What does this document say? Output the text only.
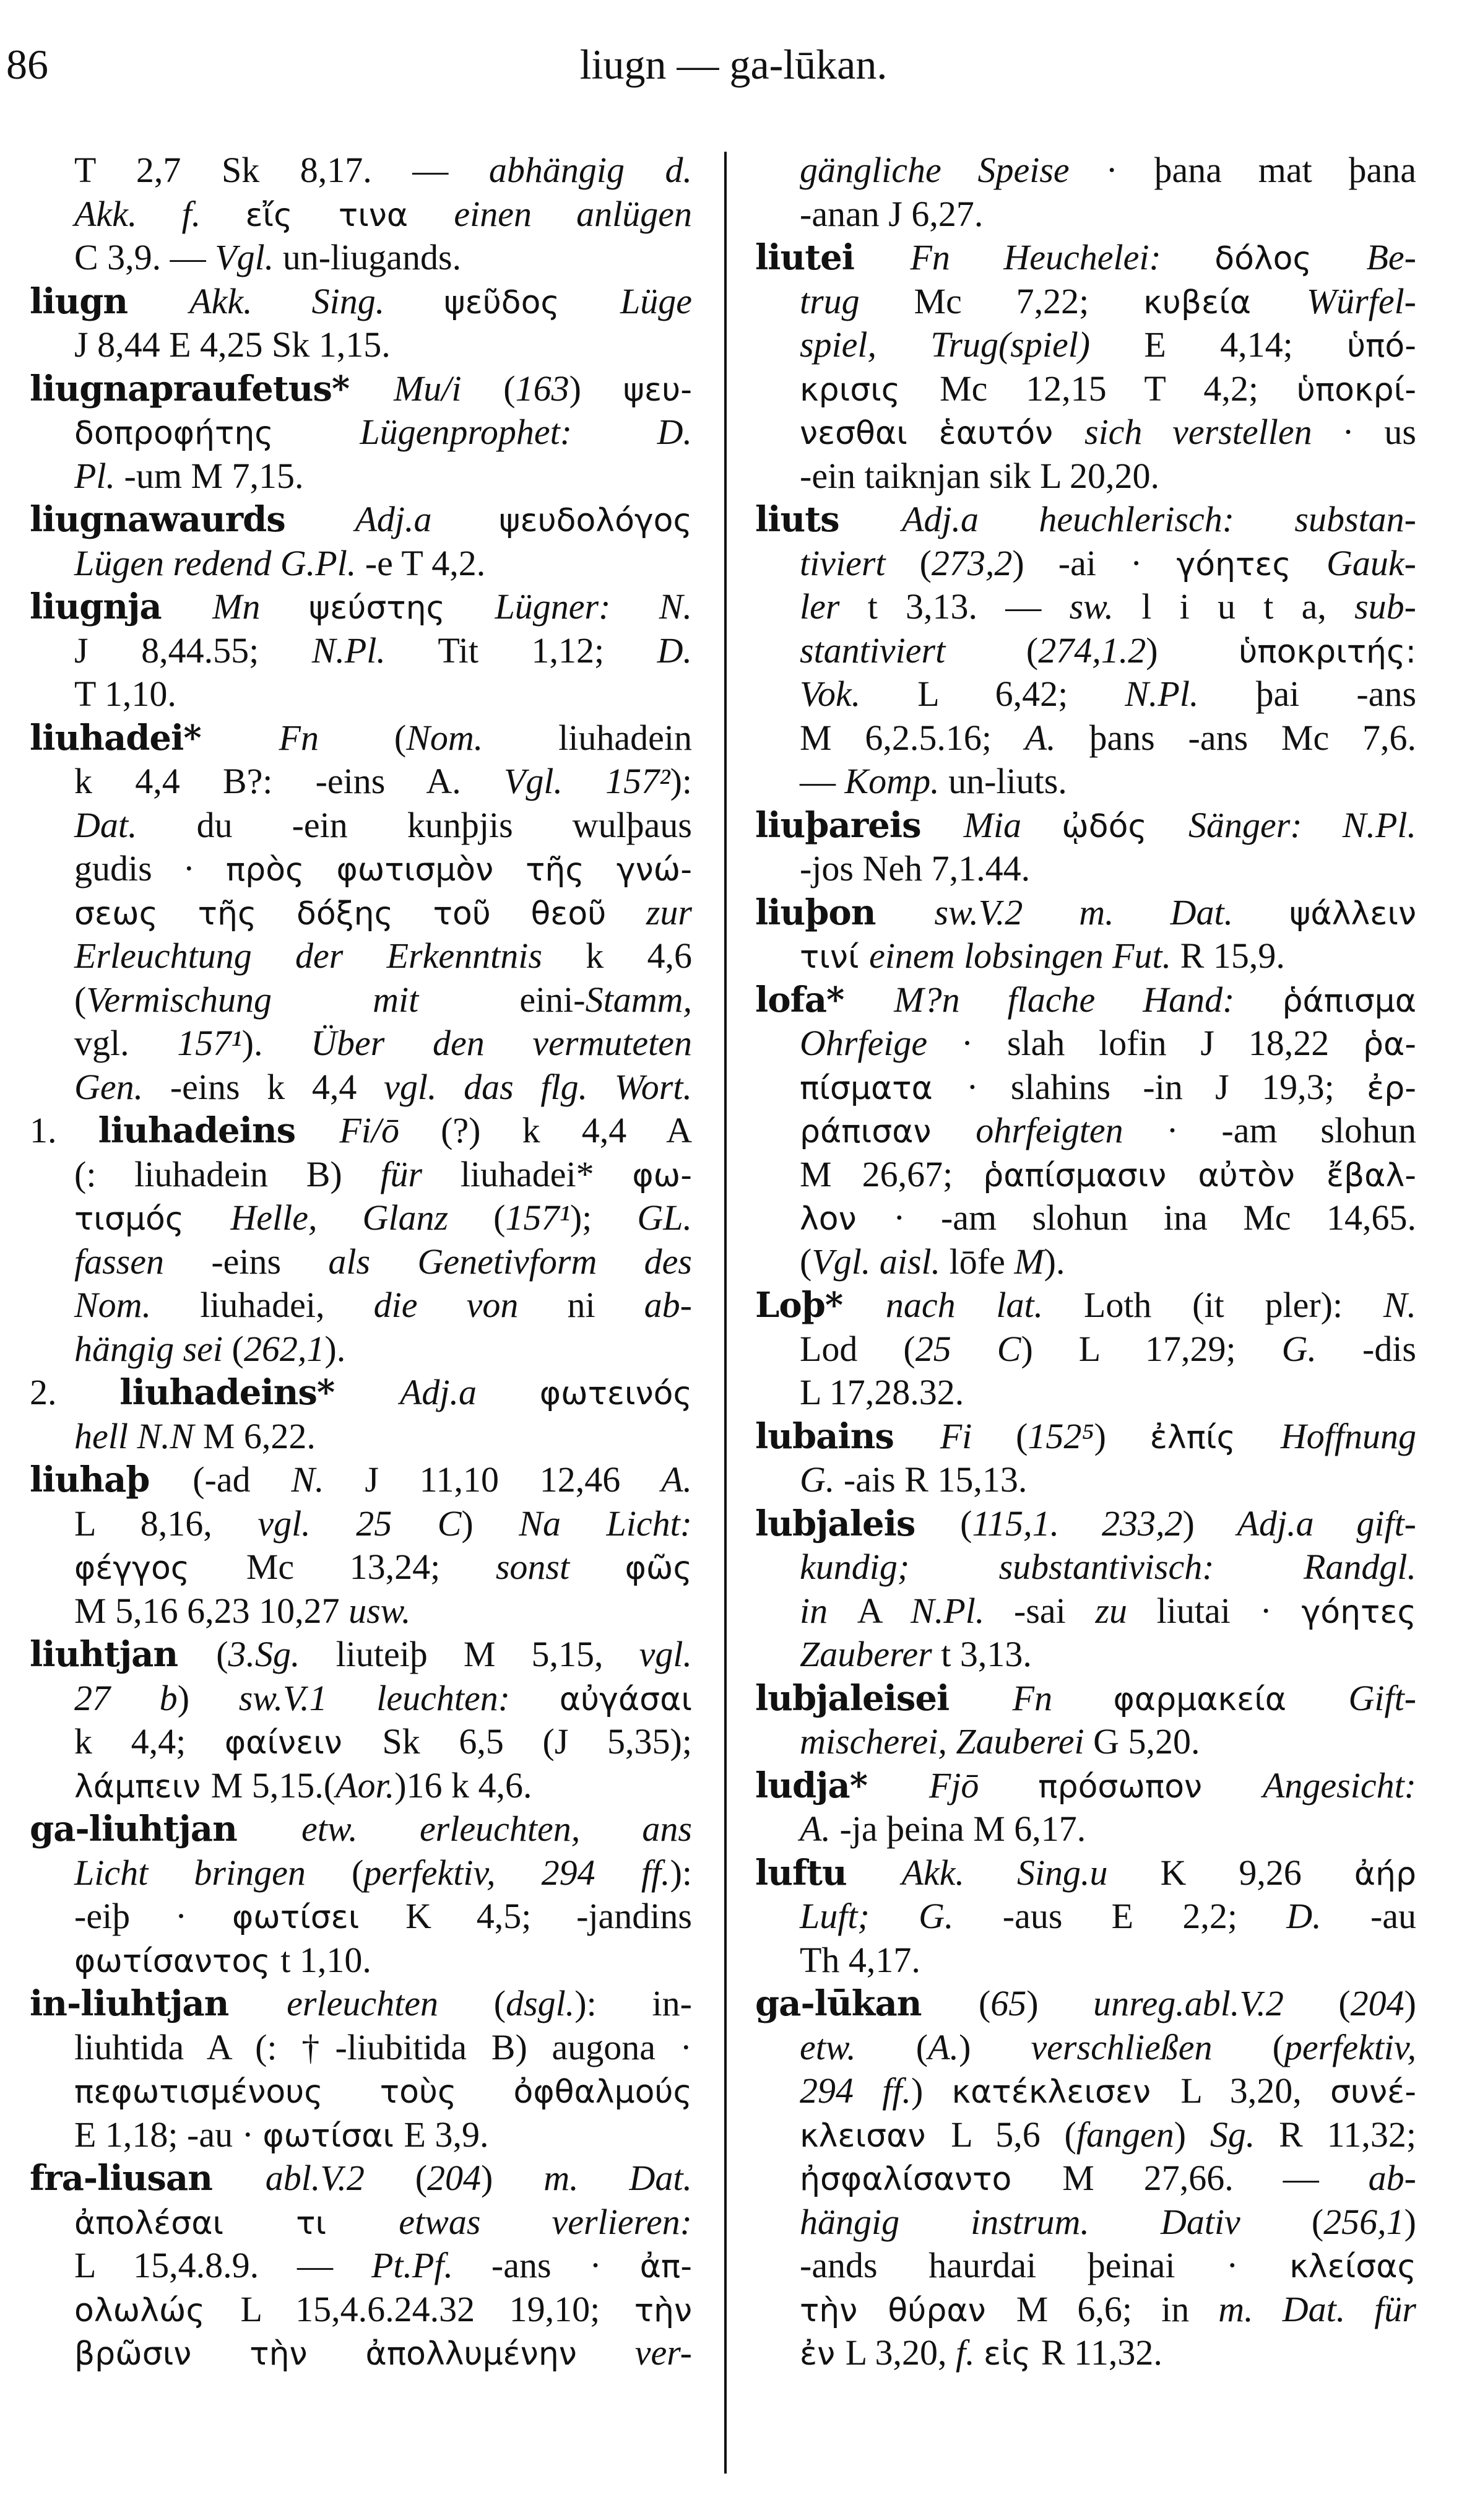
86	liugn — ga-lūkan.
T 2,7 Sk 8,17. — abhängig d.
Akk. f. εἴς τινα einen anlügen
C 3,9. — Vgl. un-liugands.
liugn Akk. Sing. ψεῦδος Lüge
J 8,44 E 4,25 Sk 1,15.
liugnapraufetus* Mu/i (163) ψευ-
δοπροφήτης Lügenprophet: D.
Pl. -um M 7,15.
liugnawaurds Adj.a ψευδολόγος
Lügen redend G.Pl. -e T 4,2.
liugnja Mn ψεύστης Lügner: N.
J 8,44.55; N.Pl. Tit 1,12; D.
T 1,10.
liuhadei* Fn (Nom. liuhadein
k 4,4 B?: -eins A. Vgl. 157²):
Dat. du -ein kunþjis wulþaus
gudis · πρὸς φωτισμὸν τῆς γνώ-
σεως τῆς δόξης τοῦ θεοῦ zur
Erleuchtung der Erkenntnis k 4,6
(Vermischung mit eini-Stamm,
vgl. 157¹). Über den vermuteten
Gen. -eins k 4,4 vgl. das flg. Wort.
1. liuhadeins Fi/ō (?) k 4,4 A
(: liuhadein B) für liuhadei* φω-
τισμός Helle, Glanz (157¹); GL.
fassen -eins als Genetivform des
Nom. liuhadei, die von ni ab-
hängig sei (262,1).
2. liuhadeins* Adj.a φωτεινός
hell N.N M 6,22.
liuhaþ (-ad N. J 11,10 12,46 A.
L 8,16, vgl. 25 C) Na Licht:
φέγγος Mc 13,24; sonst φῶς
M 5,16 6,23 10,27 usw.
liuhtjan (3.Sg. liuteiþ M 5,15, vgl.
27 b) sw.V.1 leuchten: αὐγάσαι
k 4,4; φαίνειν Sk 6,5 (J 5,35);
λάμπειν M 5,15.(Aor.)16 k 4,6.
ga-liuhtjan etw. erleuchten, ans
Licht bringen (perfektiv, 294 ff.):
-eiþ · φωτίσει K 4,5; -jandins
φωτίσαντος t 1,10.
in-liuhtjan erleuchten (dsgl.): in-
liuhtida A (: †-liubitida B) augona ·
πεφωτισμένους τοὺς ὀφθαλμούς
E 1,18; -au · φωτίσαι E 3,9.
fra-liusan abl.V.2 (204) m. Dat.
ἀπολέσαι τι etwas verlieren:
L 15,4.8.9. — Pt.Pf. -ans · ἀπ-
ολωλώς L 15,4.6.24.32 19,10; τὴν
βρῶσιν τὴν ἀπολλυμένην ver-
gängliche Speise · þana mat þana
-anan J 6,27.
liutei Fn Heuchelei: δόλος Be-
trug Mc 7,22; κυβεία Würfel-
spiel, Trug(spiel) E 4,14; ὑπό-
κρισις Mc 12,15 T 4,2; ὑποκρί-
νεσθαι ἑαυτόν sich verstellen · us
-ein taiknjan sik L 20,20.
liuts Adj.a heuchlerisch: substan-
tiviert (273,2) -ai · γόητες Gauk-
ler t 3,13. — sw. l i u t a, sub-
stantiviert (274,1.2) ὑποκριτής:
Vok. L 6,42; N.Pl. þai -ans
M 6,2.5.16; A. þans -ans Mc 7,6.
— Komp. un-liuts.
liuþareis Mia ᾠδός Sänger: N.Pl.
-jos Neh 7,1.44.
liuþon sw.V.2 m. Dat. ψάλλειν
τινί einem lobsingen Fut. R 15,9.
lofa* M?n flache Hand: ῥάπισμα
Ohrfeige · slah lofin J 18,22 ῥα-
πίσματα · slahins -in J 19,3; ἐρ-
ράπισαν ohrfeigten · -am slohun
M 26,67; ῥαπίσμασιν αὐτὸν ἔβαλ-
λον · -am slohun ina Mc 14,65.
(Vgl. aisl. lōfe M).
Loþ* nach lat. Loth (it pler): N.
Lod (25 C) L 17,29; G. -dis
L 17,28.32.
lubains Fi (152⁵) ἐλπίς Hoffnung
G. -ais R 15,13.
lubjaleis (115,1. 233,2) Adj.a gift-
kundig; substantivisch: Randgl.
in A N.Pl. -sai zu liutai · γόητες
Zauberer t 3,13.
lubjaleisei Fn φαρμακεία Gift-
mischerei, Zauberei G 5,20.
ludja* Fjō πρόσωπον Angesicht:
A. -ja þeina M 6,17.
luftu Akk. Sing.u K 9,26 ἀήρ
Luft; G. -aus E 2,2; D. -au
Th 4,17.
ga-lūkan (65) unreg.abl.V.2 (204)
etw. (A.) verschließen (perfektiv,
294 ff.) κατέκλεισεν L 3,20, συνέ-
κλεισαν L 5,6 (fangen) Sg. R 11,32;
ἠσφαλίσαντο M 27,66. — ab-
hängig instrum. Dativ (256,1)
-ands haurdai þeinai · κλείσας
τὴν θύραν M 6,6; in m. Dat. für
ἐν L 3,20, f. εἰς R 11,32.
